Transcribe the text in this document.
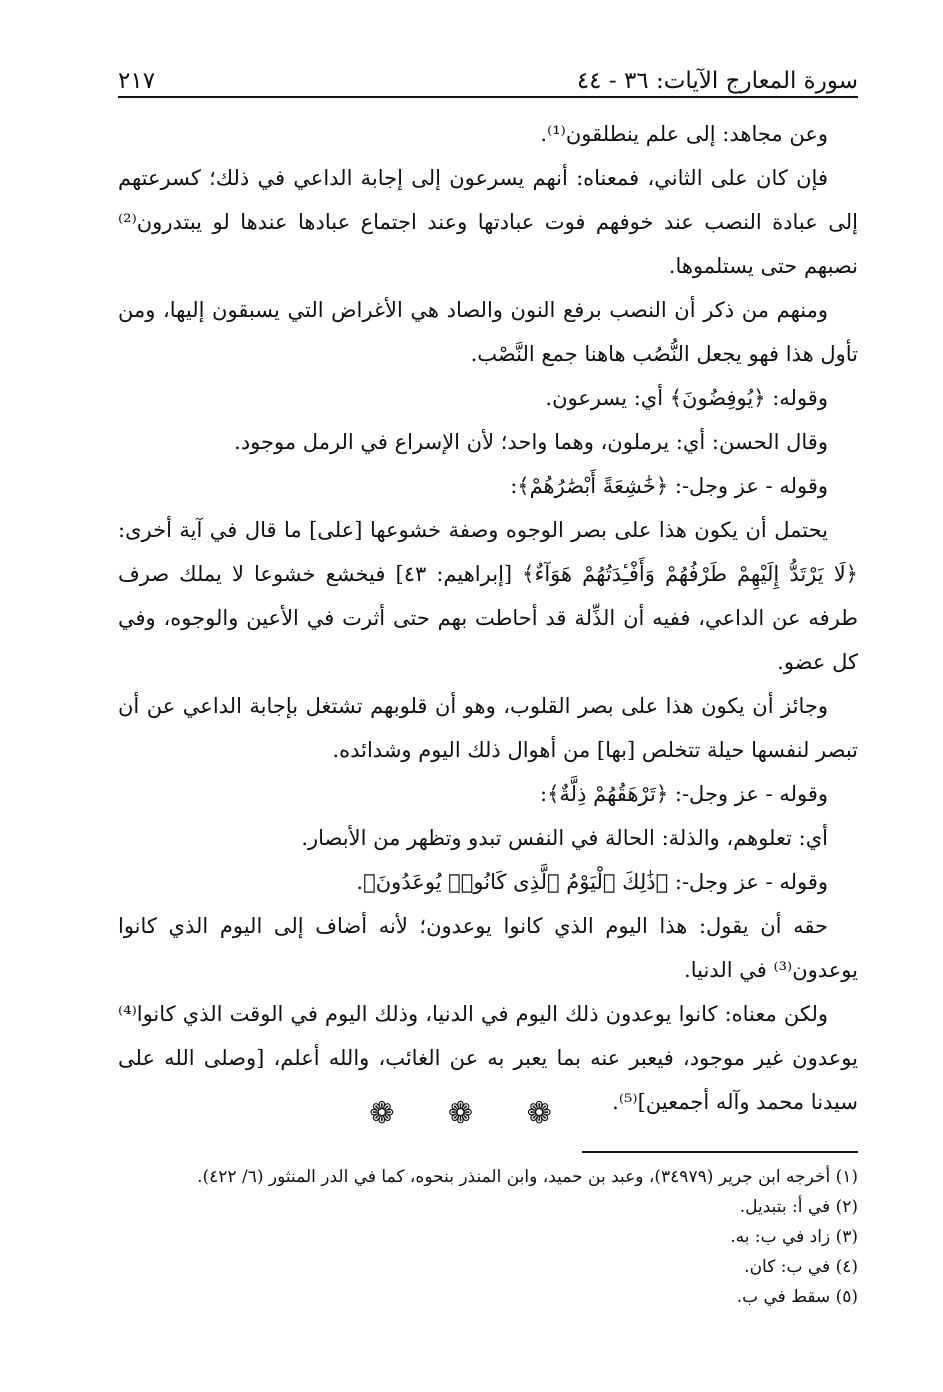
سورة المعارج الآيات: ٣٦ - ٤٤
٢١٧

وعن مجاهد: إلى علم ينطلقون⁽¹⁾.

فإن كان على الثاني، فمعناه: أنهم يسرعون إلى إجابة الداعي في ذلك؛ كسرعتهم إلى عبادة النصب عند خوفهم فوت عبادتها وعند اجتماع عبادها عندها لو يبتدرون⁽²⁾ نصبهم حتى يستلموها.

ومنهم من ذكر أن النصب برفع النون والصاد هي الأغراض التي يسبقون إليها، ومن تأول هذا فهو يجعل النُّصُب هاهنا جمع النَّصْب.

وقوله: ﴿يُوفِضُونَ﴾ أي: يسرعون.

وقال الحسن: أي: يرملون، وهما واحد؛ لأن الإسراع في الرمل موجود.

وقوله - عز وجل-: ﴿خَٰشِعَةً أَبْصَٰرُهُمْ﴾:

يحتمل أن يكون هذا على بصر الوجوه وصفة خشوعها [على] ما قال في آية أخرى: ﴿لَا يَرْتَدُّ إِلَيْهِمْ طَرْفُهُمْ وَأَفْـِٔدَتُهُمْ هَوَآءٌ﴾ [إبراهيم: ٤٣] فيخشع خشوعا لا يملك صرف طرفه عن الداعي، ففيه أن الذِّلة قد أحاطت بهم حتى أثرت في الأعين والوجوه، وفي كل عضو.

وجائز أن يكون هذا على بصر القلوب، وهو أن قلوبهم تشتغل بإجابة الداعي عن أن تبصر لنفسها حيلة تتخلص [بها] من أهوال ذلك اليوم وشدائده.

وقوله - عز وجل-: ﴿تَرْهَقُهُمْ ذِلَّةٌ﴾:

أي: تعلوهم، والذلة: الحالة في النفس تبدو وتظهر من الأبصار.

وقوله - عز وجل-: ﴿ذَٰلِكَ ٱلْيَوْمُ ٱلَّذِى كَانُوا۟ يُوعَدُونَ﴾.

حقه أن يقول: هذا اليوم الذي كانوا يوعدون؛ لأنه أضاف إلى اليوم الذي كانوا يوعدون⁽³⁾ في الدنيا.

ولكن معناه: كانوا يوعدون ذلك اليوم في الدنيا، وذلك اليوم في الوقت الذي كانوا⁽⁴⁾ يوعدون غير موجود، فيعبر عنه بما يعبر به عن الغائب، والله أعلم، [وصلى الله على سيدنا محمد وآله أجمعين]⁽⁵⁾.

❁ ❁ ❁
(١) أخرجه ابن جرير (٣٤٩٧٩)، وعبد بن حميد، وابن المنذر بنحوه، كما في الدر المنثور (٦/ ٤٢٢).
(٢) في أ: بتبديل.
(٣) زاد في ب: به.
(٤) في ب: كان.
(٥) سقط في ب.
